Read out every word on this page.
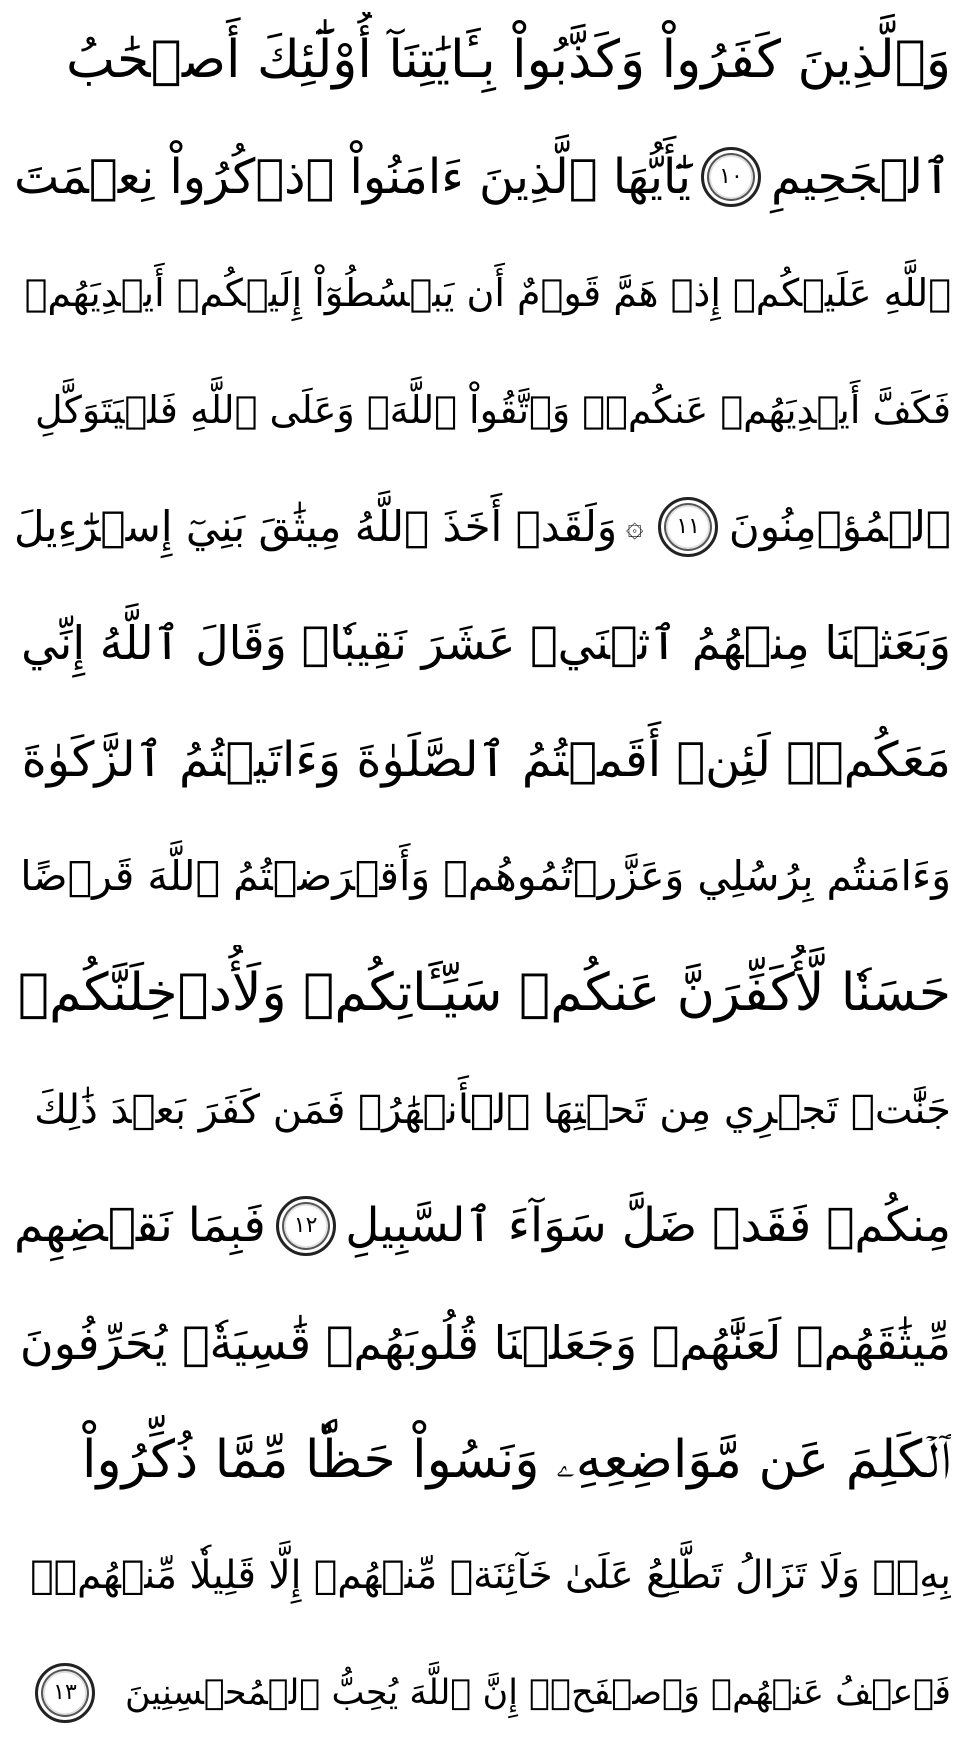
وَٱلَّذِينَ كَفَرُواْ وَكَذَّبُواْ بِـَٔايَٰتِنَآ أُوْلَٰٓئِكَ أَصۡحَٰبُ
ٱلۡجَحِيمِ
١٠
يَٰٓأَيُّهَا ٱلَّذِينَ ءَامَنُواْ ٱذۡكُرُواْ نِعۡمَتَ
ٱللَّهِ عَلَيۡكُمۡ إِذۡ هَمَّ قَوۡمٌ أَن يَبۡسُطُوٓاْ إِلَيۡكُمۡ أَيۡدِيَهُمۡ
فَكَفَّ أَيۡدِيَهُمۡ عَنكُمۡۖ وَٱتَّقُواْ ٱللَّهَۚ وَعَلَى ٱللَّهِ فَلۡيَتَوَكَّلِ
ٱلۡمُؤۡمِنُونَ
١١
۞
وَلَقَدۡ أَخَذَ ٱللَّهُ مِيثَٰقَ بَنِيٓ إِسۡرَٰٓءِيلَ
وَبَعَثۡنَا مِنۡهُمُ ٱثۡنَيۡ عَشَرَ نَقِيبٗاۖ وَقَالَ ٱللَّهُ إِنِّي
مَعَكُمۡۖ لَئِنۡ أَقَمۡتُمُ ٱلصَّلَوٰةَ وَءَاتَيۡتُمُ ٱلزَّكَوٰةَ
وَءَامَنتُم بِرُسُلِي وَعَزَّرۡتُمُوهُمۡ وَأَقۡرَضۡتُمُ ٱللَّهَ قَرۡضًا
حَسَنٗا لَّأُكَفِّرَنَّ عَنكُمۡ سَيِّـَٔاتِكُمۡ وَلَأُدۡخِلَنَّكُمۡ
جَنَّٰتٖ تَجۡرِي مِن تَحۡتِهَا ٱلۡأَنۡهَٰرُۚ فَمَن كَفَرَ بَعۡدَ ذَٰلِكَ
مِنكُمۡ فَقَدۡ ضَلَّ سَوَآءَ ٱلسَّبِيلِ
١٢
فَبِمَا نَقۡضِهِم
مِّيثَٰقَهُمۡ لَعَنَّٰهُمۡ وَجَعَلۡنَا قُلُوبَهُمۡ قَٰسِيَةٗۖ يُحَرِّفُونَ
ٱلۡكَلِمَ عَن مَّوَاضِعِهِۦ وَنَسُواْ حَظّٗا مِّمَّا ذُكِّرُواْ
بِهِۦۚ وَلَا تَزَالُ تَطَّلِعُ عَلَىٰ خَآئِنَةٖ مِّنۡهُمۡ إِلَّا قَلِيلٗا مِّنۡهُمۡۖ
فَٱعۡفُ عَنۡهُمۡ وَٱصۡفَحۡۚ إِنَّ ٱللَّهَ يُحِبُّ ٱلۡمُحۡسِنِينَ
١٣
